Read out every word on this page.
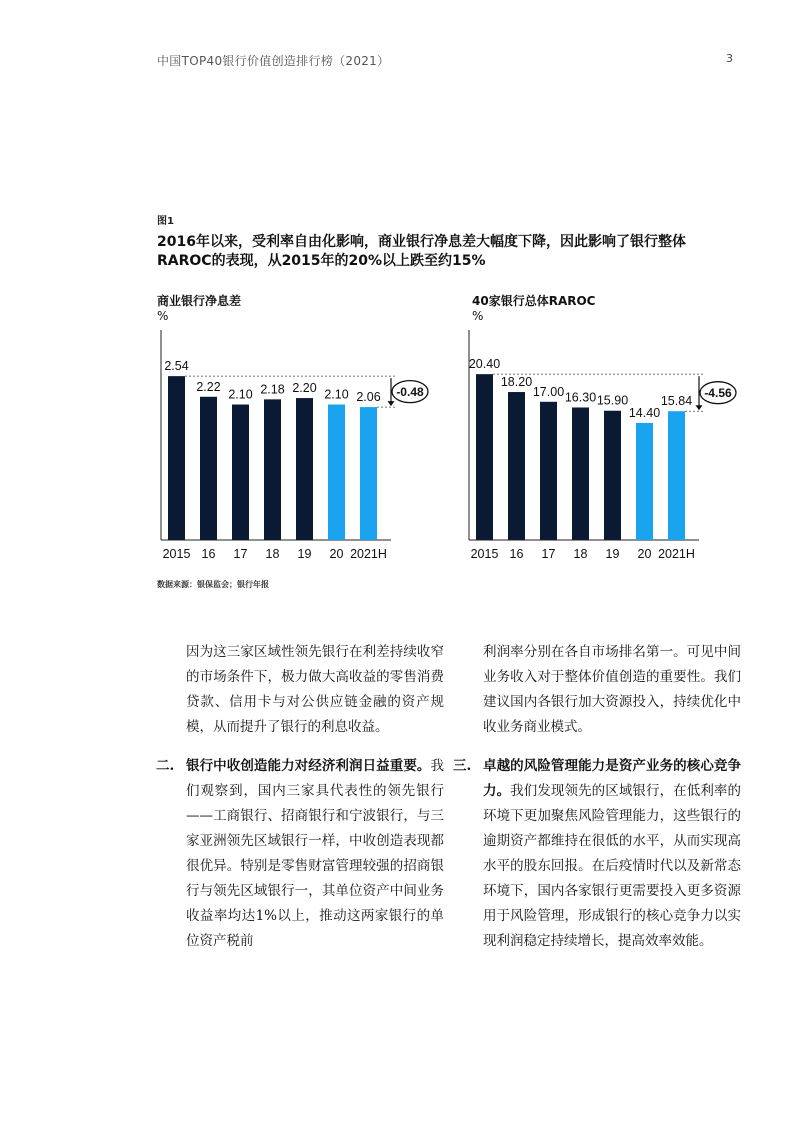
中国TOP40银行价值创造排行榜（2021）	3
图1
2016年以来，受利率自由化影响，商业银行净息差大幅度下降，因此影响了银行整体RAROC的表现，从2015年的20%以上跌至约15%
商业银行净息差
%
2.54
2015
2.22
16
2.10
17
2.18
18
2.20
19
2.10
20
2.06
2021H
-0.48
40家银行总体RAROC
%
20.40
2015
18.20
16
17.00
17
16.30
18
15.90
19
14.40
20
15.84
2021H
-4.56
数据来源：银保监会；银行年报

因为这三家区域性领先银行在利差持续收窄的市场条件下，极力做大高收益的零售消费贷款、信用卡与对公供应链金融的资产规模，从而提升了银行的利息收益。

二. 银行中收创造能力对经济利润日益重要。我们观察到，国内三家具代表性的领先银行——工商银行、招商银行和宁波银行，与三家亚洲领先区域银行一样，中收创造表现都很优异。特别是零售财富管理较强的招商银行与领先区域银行一，其单位资产中间业务收益率均达1%以上，推动这两家银行的单位资产税前

利润率分别在各自市场排名第一。可见中间业务收入对于整体价值创造的重要性。我们建议国内各银行加大资源投入，持续优化中收业务商业模式。

三. 卓越的风险管理能力是资产业务的核心竞争力。我们发现领先的区域银行，在低利率的环境下更加聚焦风险管理能力，这些银行的逾期资产都维持在很低的水平，从而实现高水平的股东回报。在后疫情时代以及新常态环境下，国内各家银行更需要投入更多资源用于风险管理，形成银行的核心竞争力以实现利润稳定持续增长，提高效率效能。
